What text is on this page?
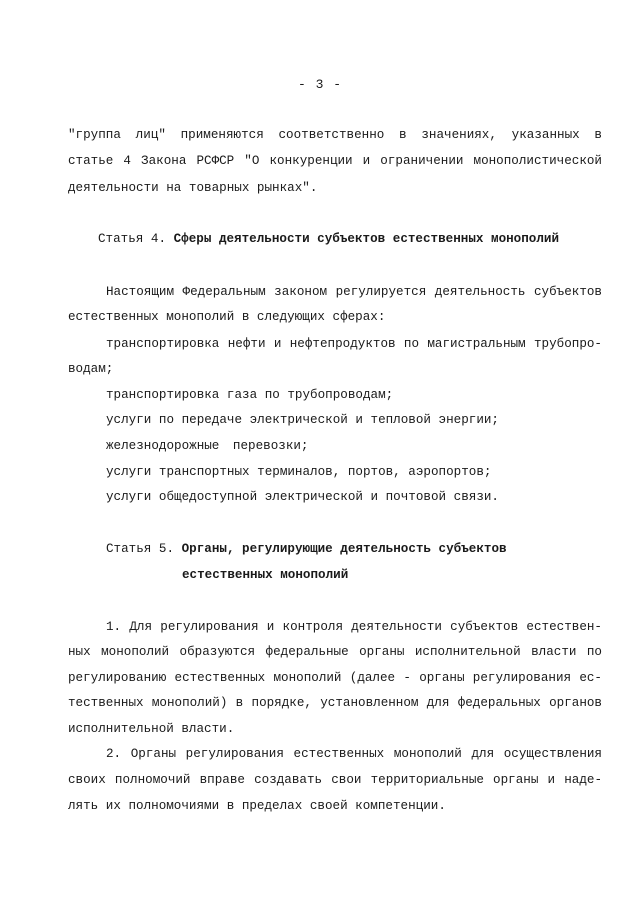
- 3 -
"группа лиц" применяются соответственно в значениях, указанных в
статье 4 Закона РСФСР "О конкуренции и ограничении монополистической
деятельности на товарных рынках".
Статья 4. Сферы деятельности субъектов естественных монополий
Настоящим Федеральным законом регулируется деятельность субъектов
естественных монополий в следующих сферах:
транспортировка нефти и нефтепродуктов по магистральным трубопро-
водам;
транспортировка газа по трубопроводам;
услуги по передаче электрической и тепловой энергии;
железнодорожные перевозки;
услуги транспортных терминалов, портов, аэропортов;
услуги общедоступной электрической и почтовой связи.
Статья 5. Органы, регулирующие деятельность субъектов
естественных монополий
1. Для регулирования и контроля деятельности субъектов естествен-
ных монополий образуются федеральные органы исполнительной власти по
регулированию естественных монополий (далее - органы регулирования ес-
тественных монополий) в порядке, установленном для федеральных органов
исполнительной власти.
2. Органы регулирования естественных монополий для осуществления
своих полномочий вправе создавать свои территориальные органы и наде-
лять их полномочиями в пределах своей компетенции.
